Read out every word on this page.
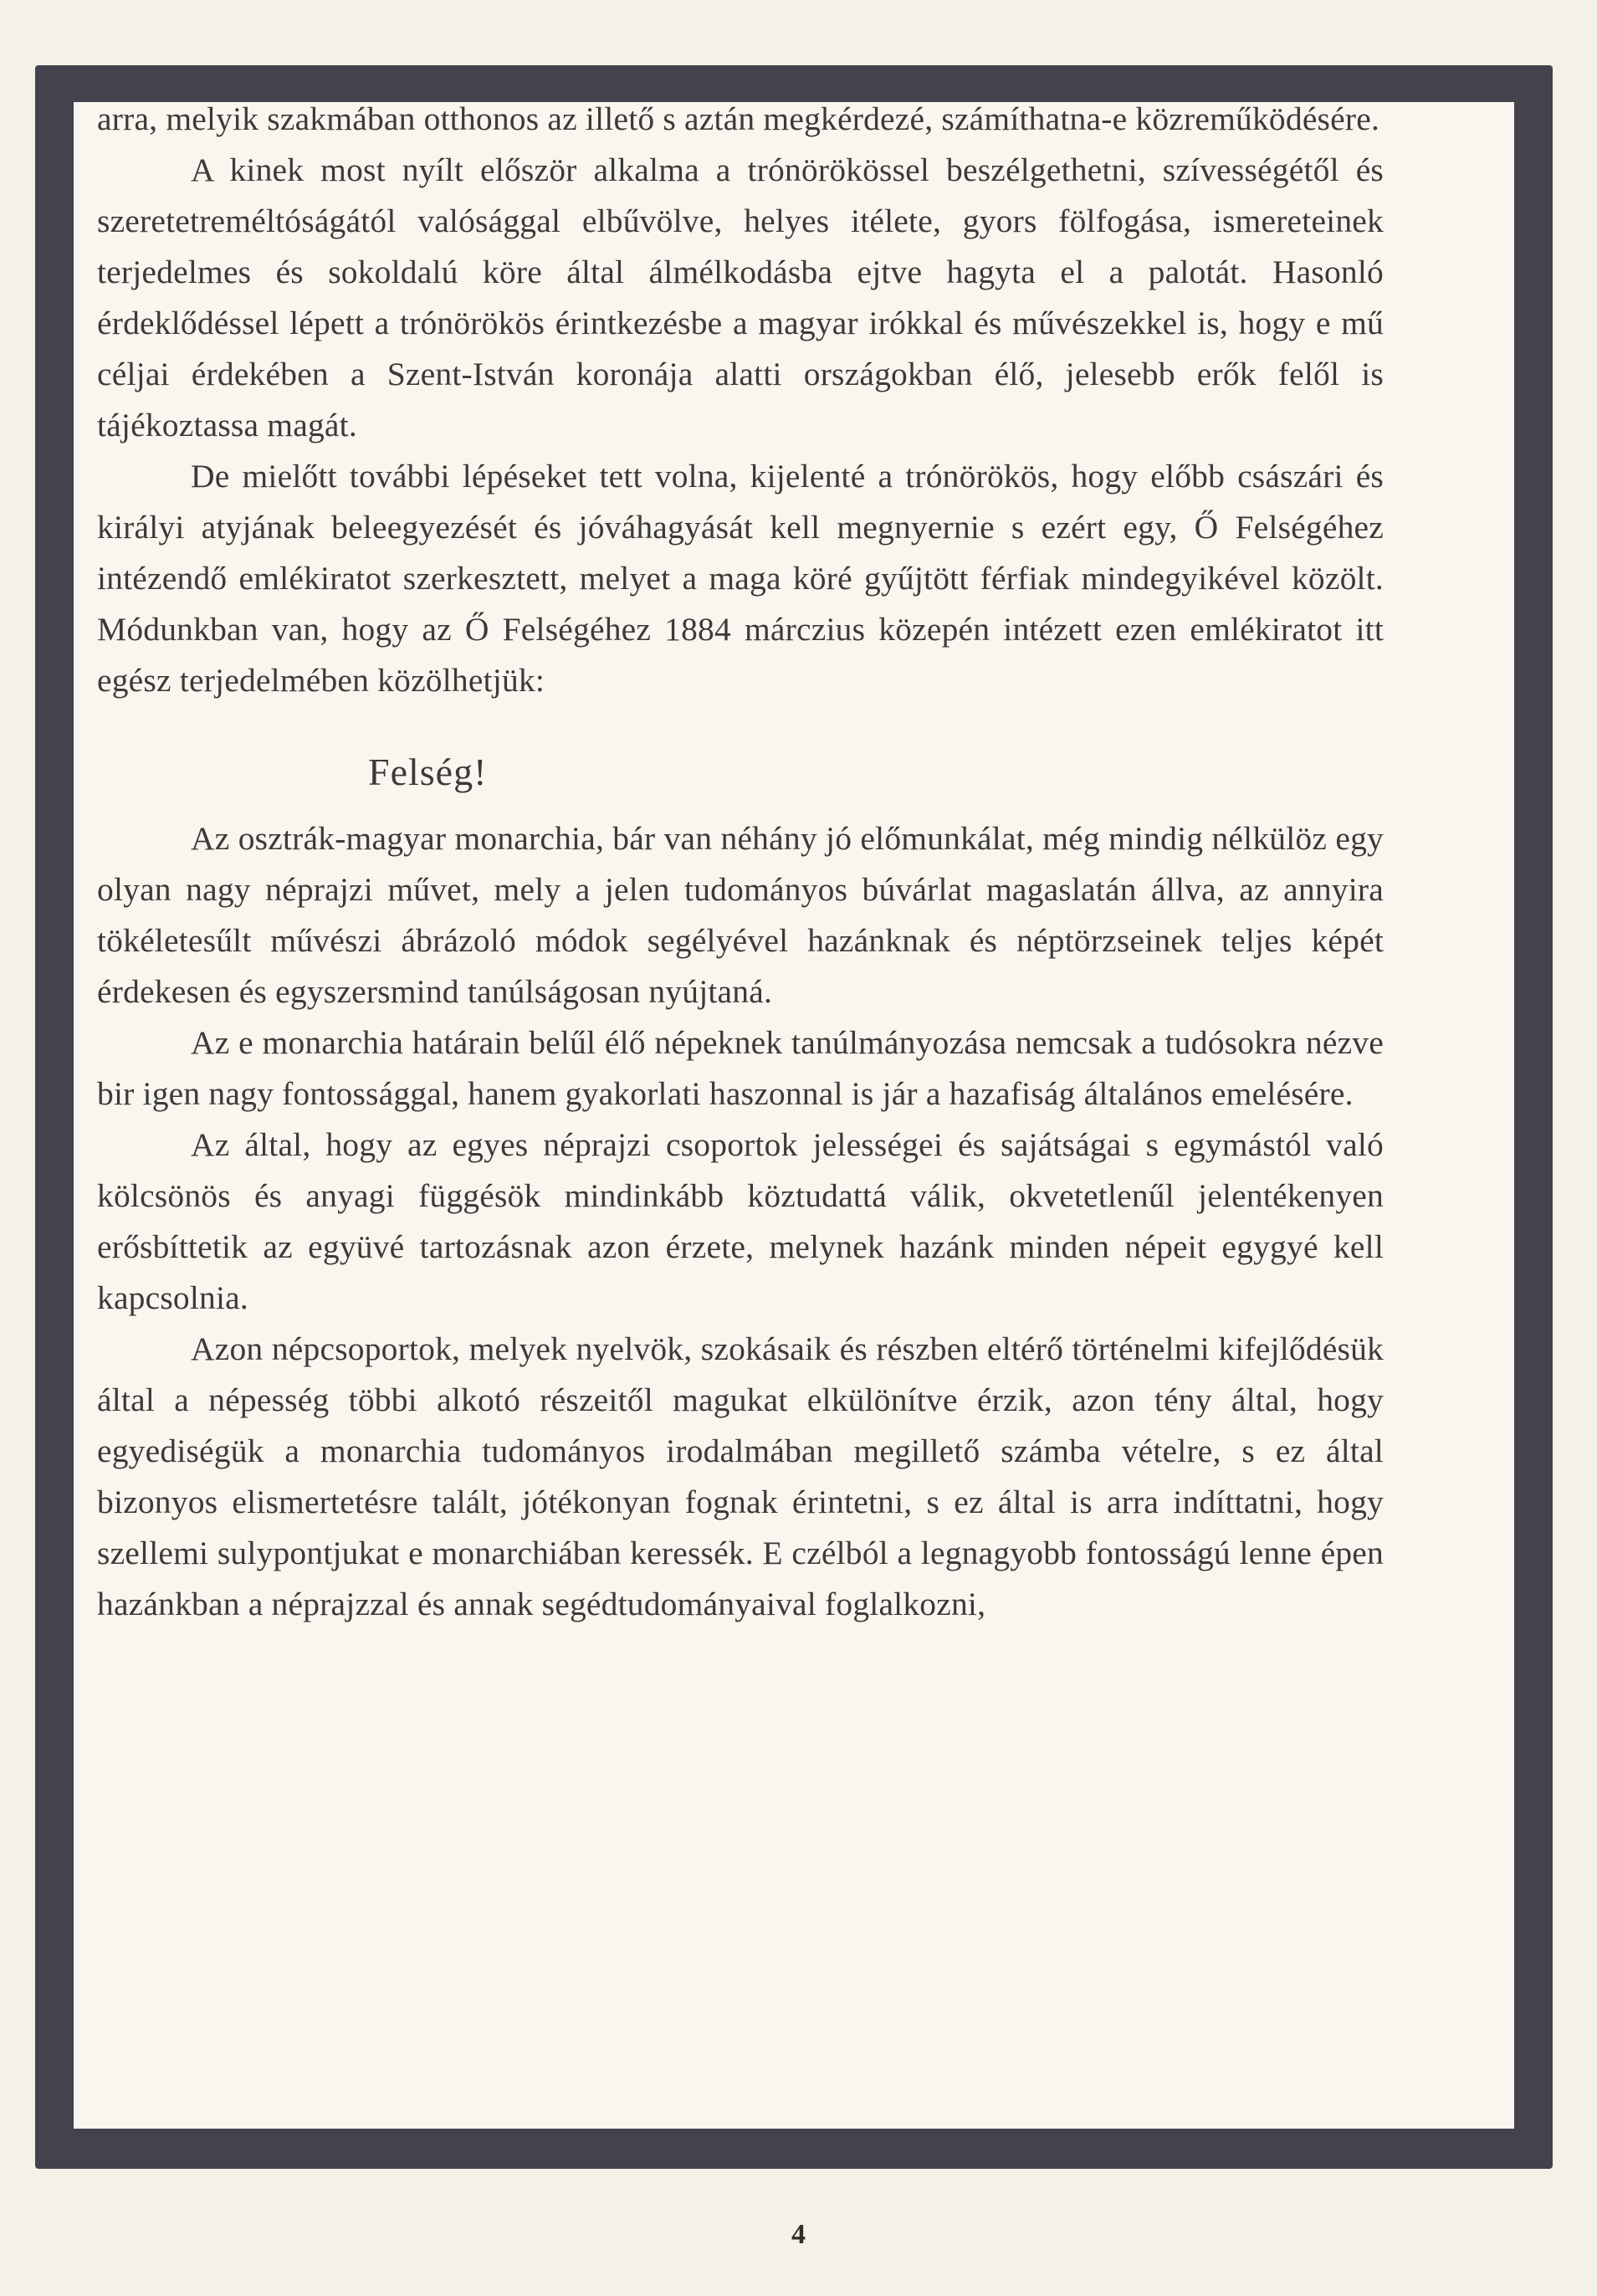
arra, melyik szakmában otthonos az illető s aztán megkérdezé, számíthatna-e közreműködésére.

A kinek most nyílt először alkalma a trónörökössel beszélgethetni, szívességétől és szeretetreméltóságától valósággal elbűvölve, helyes itélete, gyors fölfogása, ismereteinek terjedelmes és sokoldalú köre által álmélkodásba ejtve hagyta el a palotát. Hasonló érdeklődéssel lépett a trónörökös érintkezésbe a magyar irókkal és művészekkel is, hogy e mű céljai érdekében a Szent-István koronája alatti országokban élő, jelesebb erők felől is tájékoztassa magát.

De mielőtt további lépéseket tett volna, kijelenté a trónörökös, hogy előbb császári és királyi atyjának beleegyezését és jóváhagyását kell megnyernie s ezért egy, Ő Felségéhez intézendő emlékiratot szerkesztett, melyet a maga köré gyűjtött férfiak mindegyikével közölt. Módunkban van, hogy az Ő Felségéhez 1884 márczius közepén intézett ezen emlékiratot itt egész terjedelmében közölhetjük:

Felség!

Az osztrák-magyar monarchia, bár van néhány jó előmunkálat, még mindig nélkülöz egy olyan nagy néprajzi művet, mely a jelen tudományos búvárlat magaslatán állva, az annyira tökéletesűlt művészi ábrázoló módok segélyével hazánknak és néptörzseinek teljes képét érdekesen és egyszersmind tanúlságosan nyújtaná.

Az e monarchia határain belűl élő népeknek tanúlmányozása nemcsak a tudósokra nézve bir igen nagy fontossággal, hanem gyakorlati haszonnal is jár a hazafiság általános emelésére.

Az által, hogy az egyes néprajzi csoportok jelességei és sajátságai s egymástól való kölcsönös és anyagi függésök mindinkább köztudattá válik, okvetetlenűl jelentékenyen erősbíttetik az együvé tartozásnak azon érzete, melynek hazánk minden népeit egygyé kell kapcsolnia.

Azon népcsoportok, melyek nyelvök, szokásaik és részben eltérő történelmi kifejlődésük által a népesség többi alkotó részeitől magukat elkülönítve érzik, azon tény által, hogy egyediségük a monarchia tudományos irodalmában megillető számba vételre, s ez által bizonyos elismertetésre talált, jótékonyan fognak érintetni, s ez által is arra indíttatni, hogy szellemi sulypontjukat e monarchiában keressék. E czélból a legnagyobb fontosságú lenne épen hazánkban a néprajzzal és annak segédtudományaival foglalkozni,

4
